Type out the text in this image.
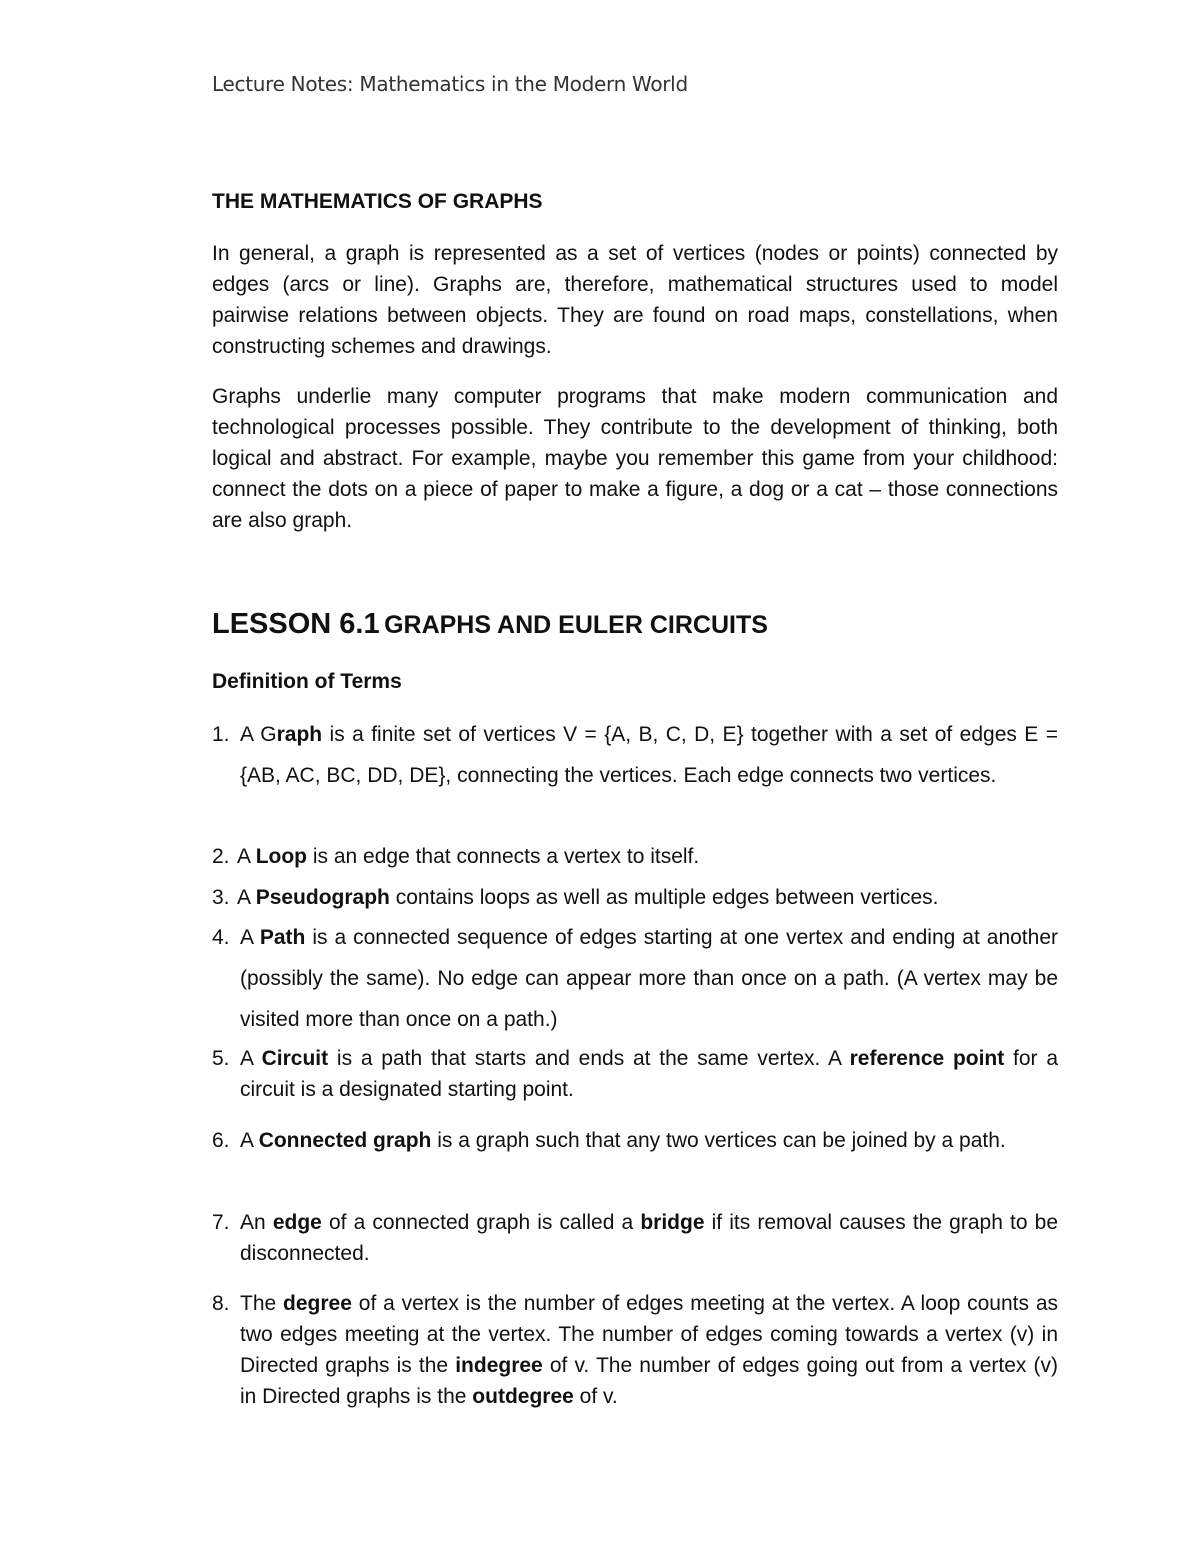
Lecture Notes: Mathematics in the Modern World
THE MATHEMATICS OF GRAPHS

In general, a graph is represented as a set of vertices (nodes or points) connected by edges (arcs or line). Graphs are, therefore, mathematical structures used to model pairwise relations between objects. They are found on road maps, constellations, when constructing schemes and drawings.

Graphs underlie many computer programs that make modern communication and technological processes possible. They contribute to the development of thinking, both logical and abstract. For example, maybe you remember this game from your childhood: connect the dots on a piece of paper to make a figure, a dog or a cat – those connections are also graph.

LESSON 6.1 GRAPHS AND EULER CIRCUITS
Definition of Terms
1. A Graph is a finite set of vertices V = {A, B, C, D, E} together with a set of edges E = {AB, AC, BC, DD, DE}, connecting the vertices. Each edge connects two vertices.
2. A Loop is an edge that connects a vertex to itself.
3. A Pseudograph contains loops as well as multiple edges between vertices.
4. A Path is a connected sequence of edges starting at one vertex and ending at another (possibly the same). No edge can appear more than once on a path. (A vertex may be visited more than once on a path.)
5. A Circuit is a path that starts and ends at the same vertex. A reference point for a circuit is a designated starting point.
6. A Connected graph is a graph such that any two vertices can be joined by a path.
7. An edge of a connected graph is called a bridge if its removal causes the graph to be disconnected.
8. The degree of a vertex is the number of edges meeting at the vertex. A loop counts as two edges meeting at the vertex. The number of edges coming towards a vertex (v) in Directed graphs is the indegree of v. The number of edges going out from a vertex (v) in Directed graphs is the outdegree of v.
